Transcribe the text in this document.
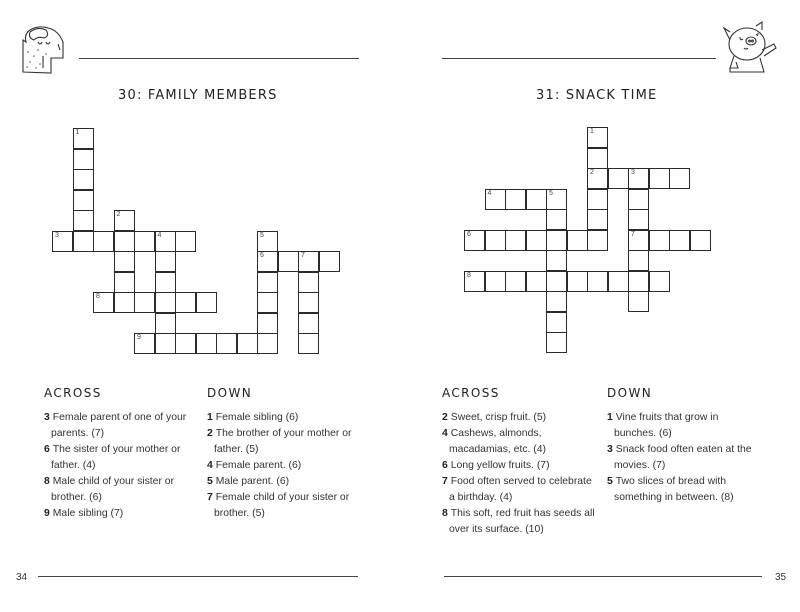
30: FAMILY MEMBERS
1
2
3	4	5
6	7
8
9
ACROSS	DOWN
3 Female parent of one of your parents. (7)
6 The sister of your mother or father. (4)
8 Male child of your sister or brother. (6)
9 Male sibling (7)
1 Female sibling (6)
2 The brother of your mother or father. (5)
4 Female parent. (6)
5 Male parent. (6)
7 Female child of your sister or brother. (5)
34
31: SNACK TIME
1
2	3
7
4	5
6
8
ACROSS	DOWN
2 Sweet, crisp fruit. (5)
4 Cashews, almonds, macadamias, etc. (4)
6 Long yellow fruits. (7)
7 Food often served to celebrate a birthday. (4)
8 This soft, red fruit has seeds all over its surface. (10)
1 Vine fruits that grow in bunches. (6)
3 Snack food often eaten at the movies. (7)
5 Two slices of bread with something in between. (8)
35
